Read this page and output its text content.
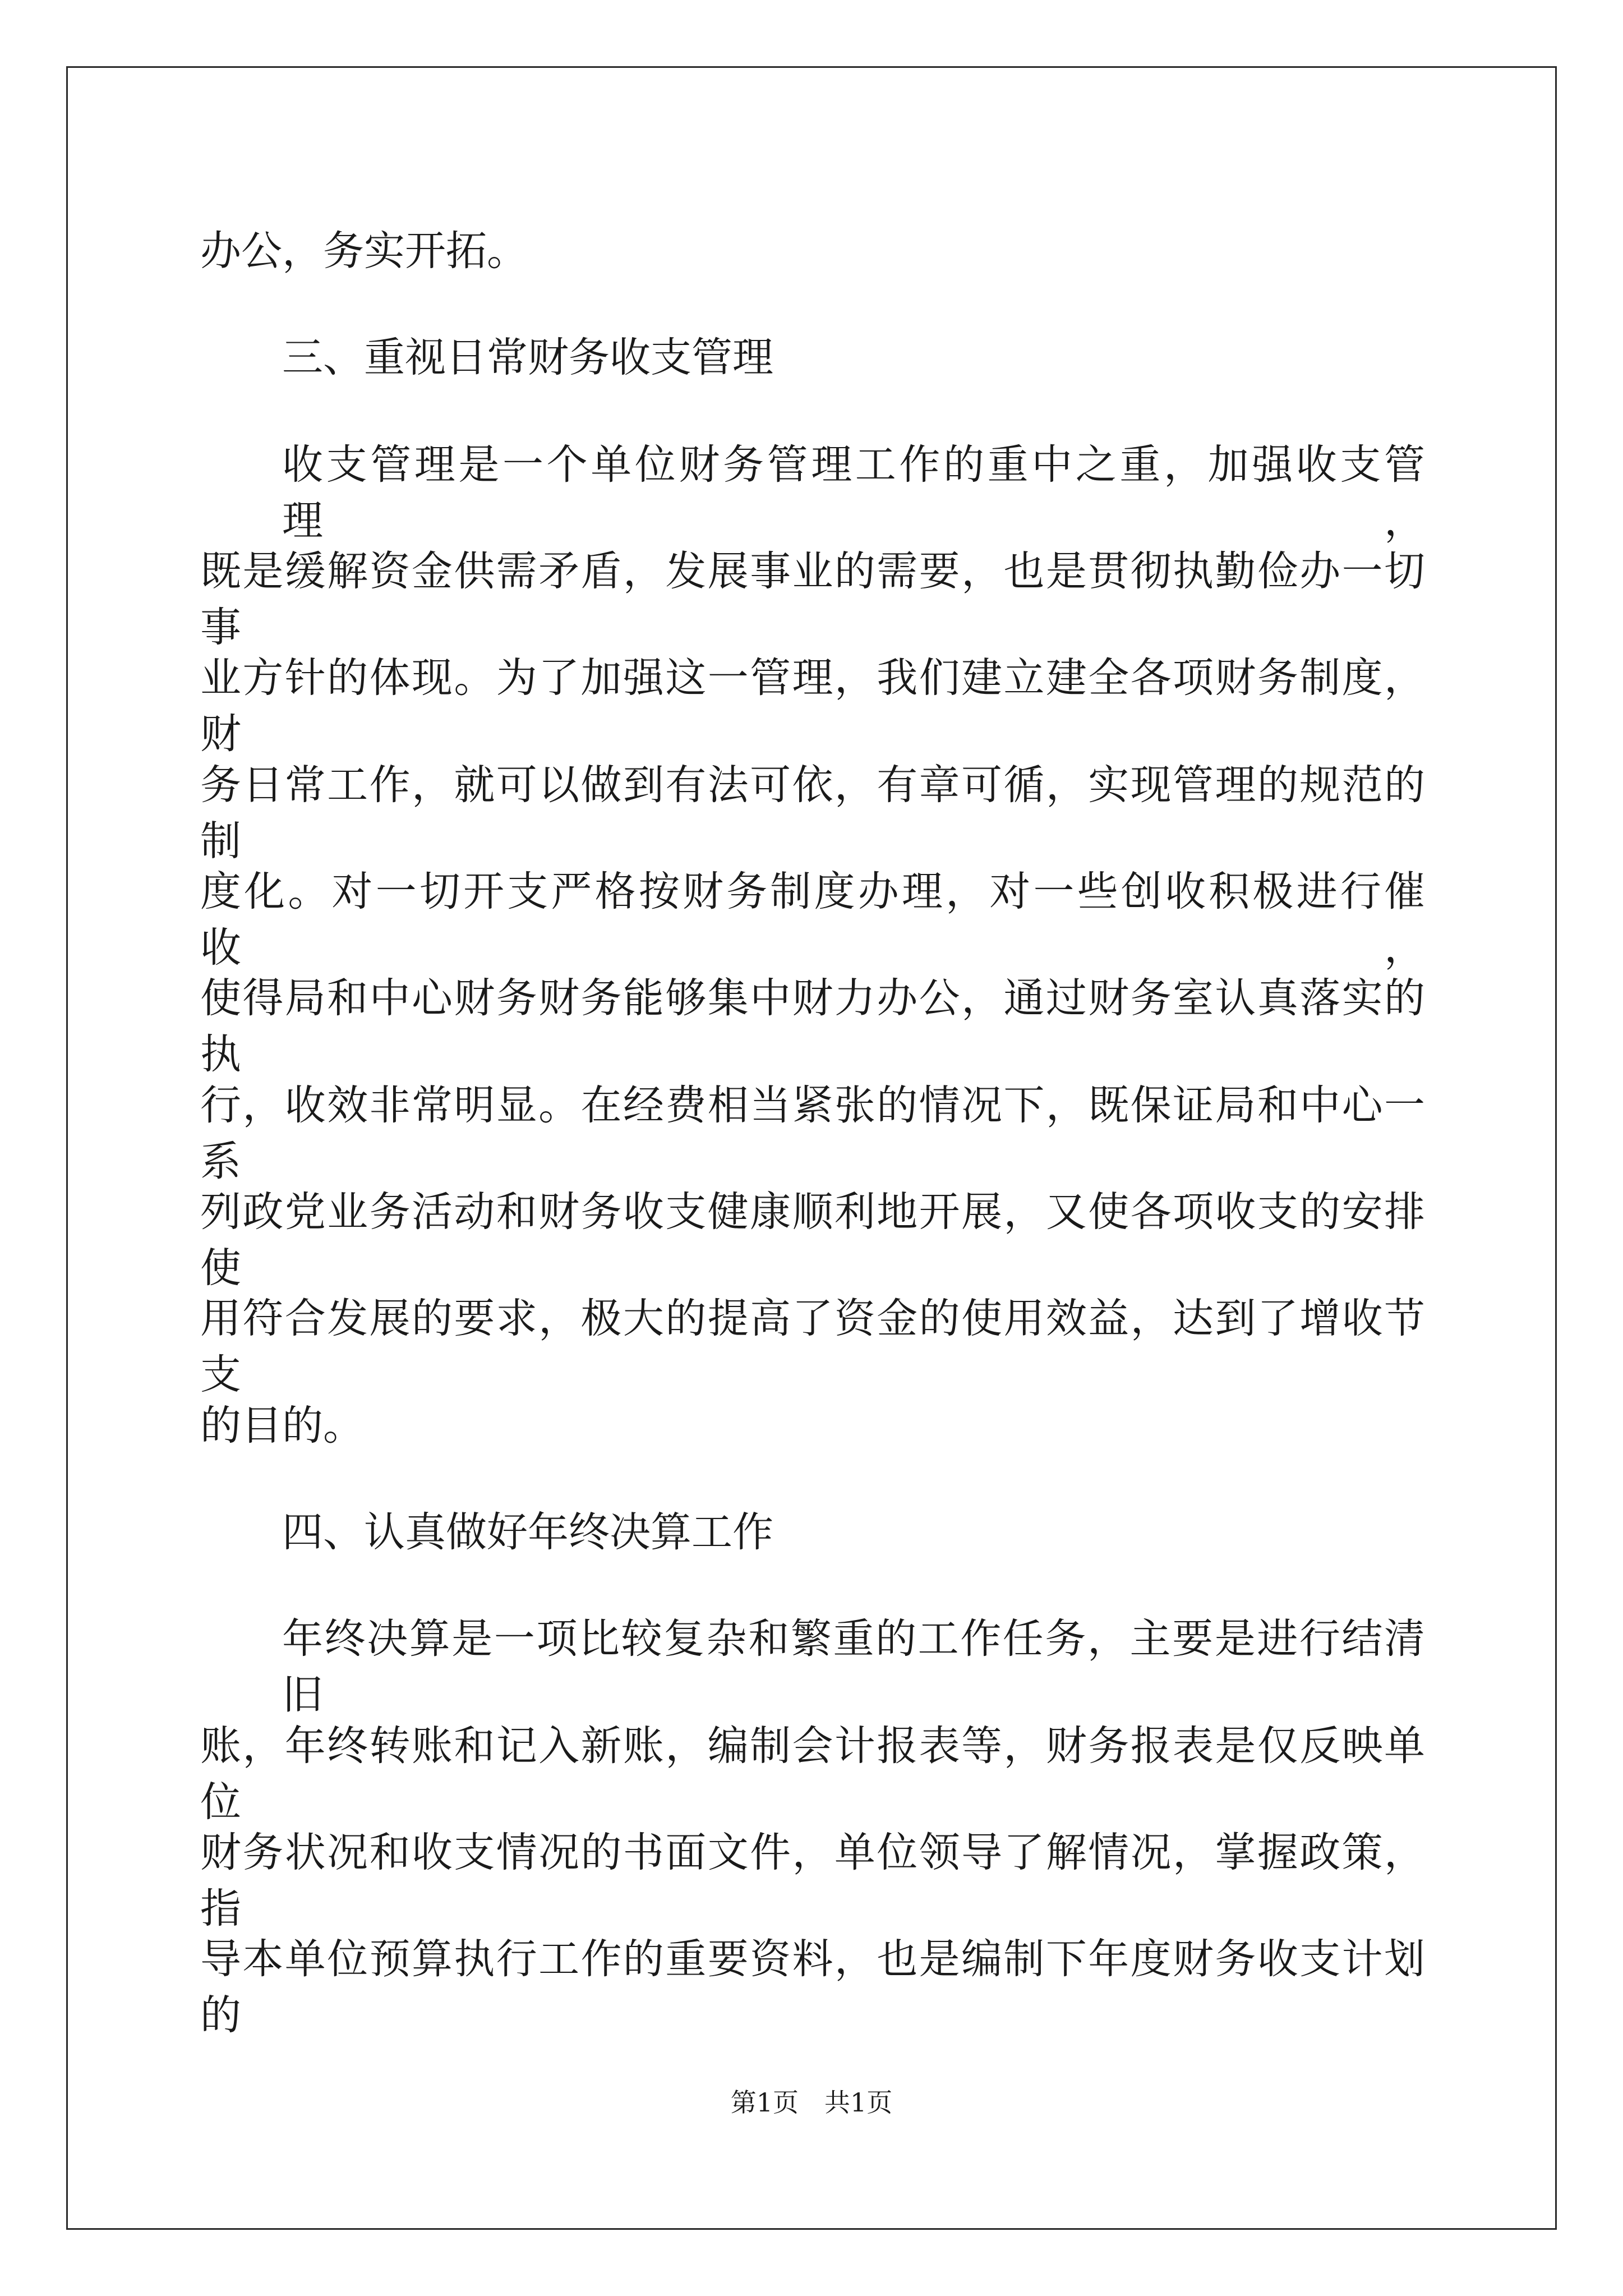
办公，务实开拓。
三、重视日常财务收支管理
收支管理是一个单位财务管理工作的重中之重，加强收支管理，
既是缓解资金供需矛盾，发展事业的需要，也是贯彻执勤俭办一切事
业方针的体现。为了加强这一管理，我们建立建全各项财务制度，财
务日常工作，就可以做到有法可依，有章可循，实现管理的规范的制
度化。对一切开支严格按财务制度办理，对一些创收积极进行催收，
使得局和中心财务财务能够集中财力办公，通过财务室认真落实的执
行，收效非常明显。在经费相当紧张的情况下，既保证局和中心一系
列政党业务活动和财务收支健康顺利地开展，又使各项收支的安排使
用符合发展的要求，极大的提高了资金的使用效益，达到了增收节支
的目的。
四、认真做好年终决算工作
年终决算是一项比较复杂和繁重的工作任务，主要是进行结清旧
账，年终转账和记入新账，编制会计报表等，财务报表是仅反映单位
财务状况和收支情况的书面文件，单位领导了解情况，掌握政策，指
导本单位预算执行工作的重要资料，也是编制下年度财务收支计划的
第1页　共1页
